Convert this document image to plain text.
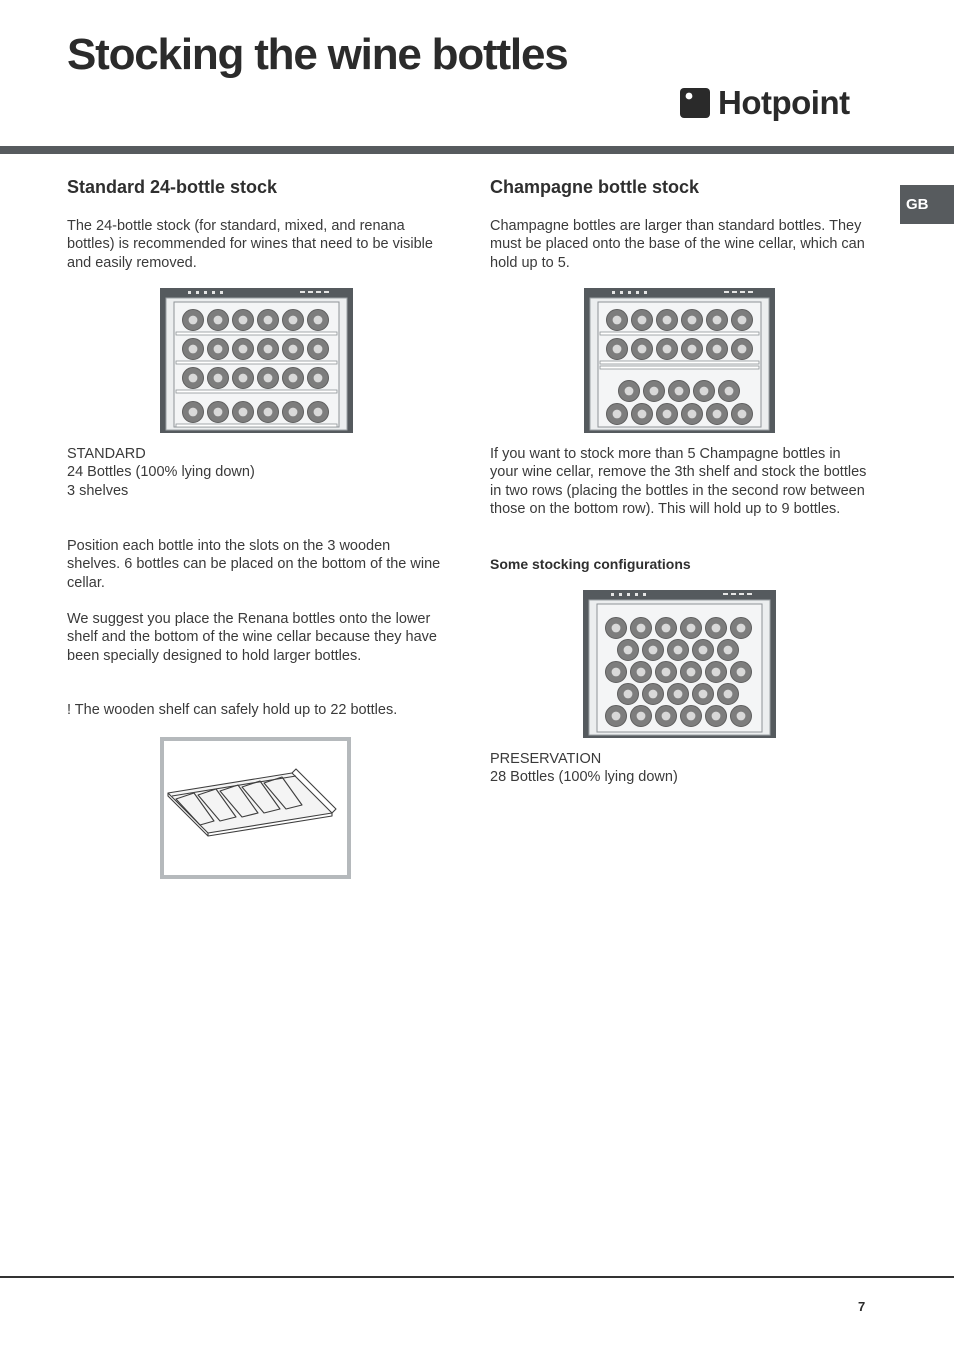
Stocking the wine bottles
Hotpoint
GB
Standard 24-bottle stock

The 24-bottle stock (for standard, mixed, and renana bottles) is recommended for wines that need to be visible and easily removed.

STANDARD

24 Bottles (100% lying down)

3 shelves

Position each bottle into the slots on the 3 wooden shelves. 6 bottles can be placed on the bottom of the wine cellar.

We suggest you place the Renana bottles onto the lower shelf and the bottom of the wine cellar because they have been specially designed to hold larger bottles.

! The wooden shelf can safely hold up to 22 bottles.

Champagne bottle stock

Champagne bottles are larger than standard bottles. They must be placed onto the base of the wine cellar, which can hold up to 5.

If you want to stock more than 5 Champagne bottles in your wine cellar, remove the 3th shelf and stock the bottles in two rows (placing the bottles in the second row between those on the bottom row). This will hold up to 9 bottles.

Some stocking configurations

PRESERVATION

28 Bottles (100% lying down)

7
